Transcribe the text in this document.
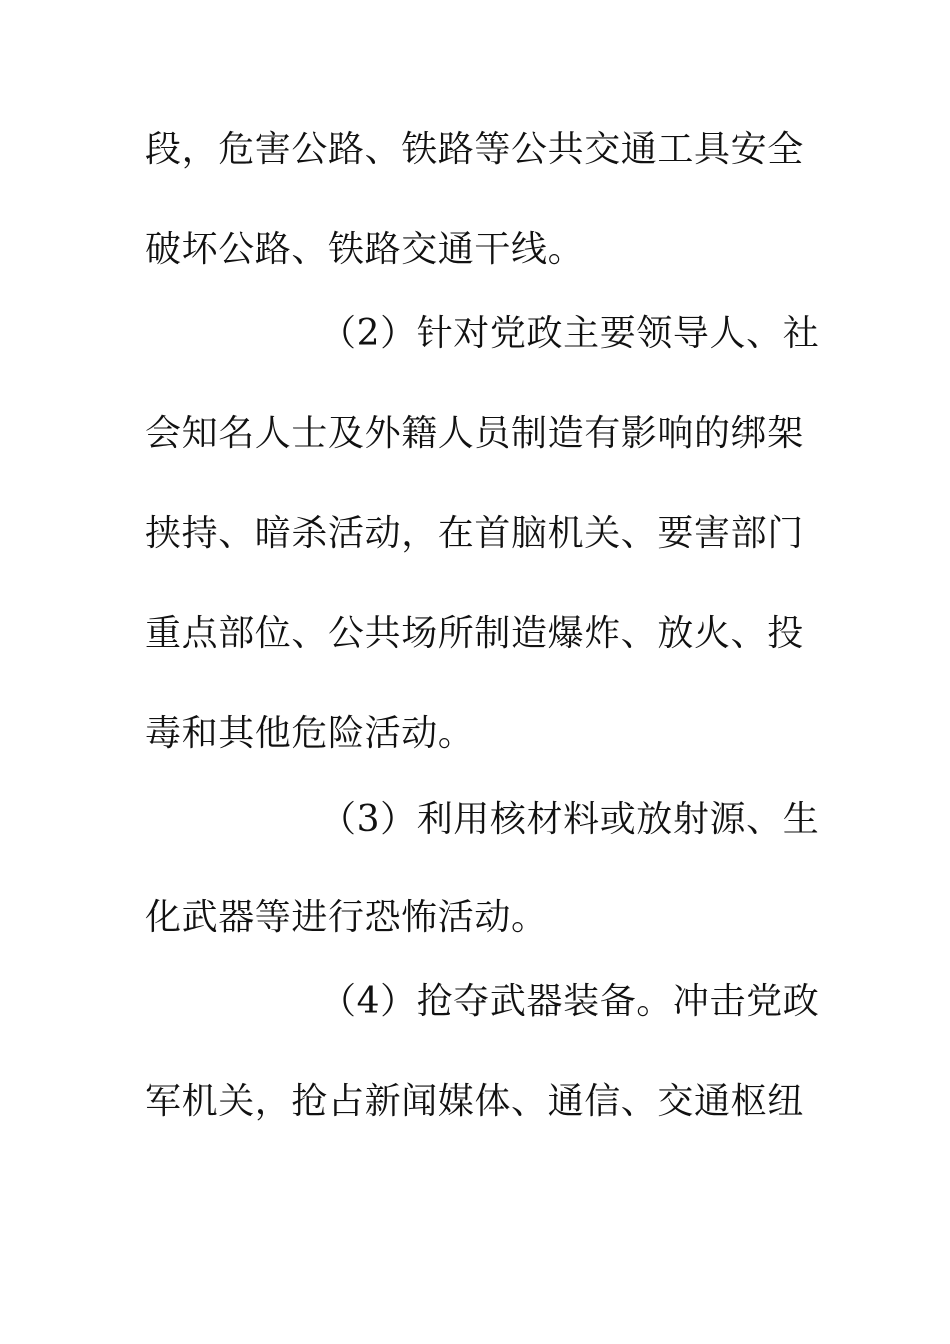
段，危害公路、铁路等公共交通工具安全
破坏公路、铁路交通干线。
（2）针对党政主要领导人、社
会知名人士及外籍人员制造有影响的绑架
挟持、暗杀活动，在首脑机关、要害部门
重点部位、公共场所制造爆炸、放火、投
毒和其他危险活动。
（3）利用核材料或放射源、生
化武器等进行恐怖活动。
（4）抢夺武器装备。冲击党政
军机关，抢占新闻媒体、通信、交通枢纽
